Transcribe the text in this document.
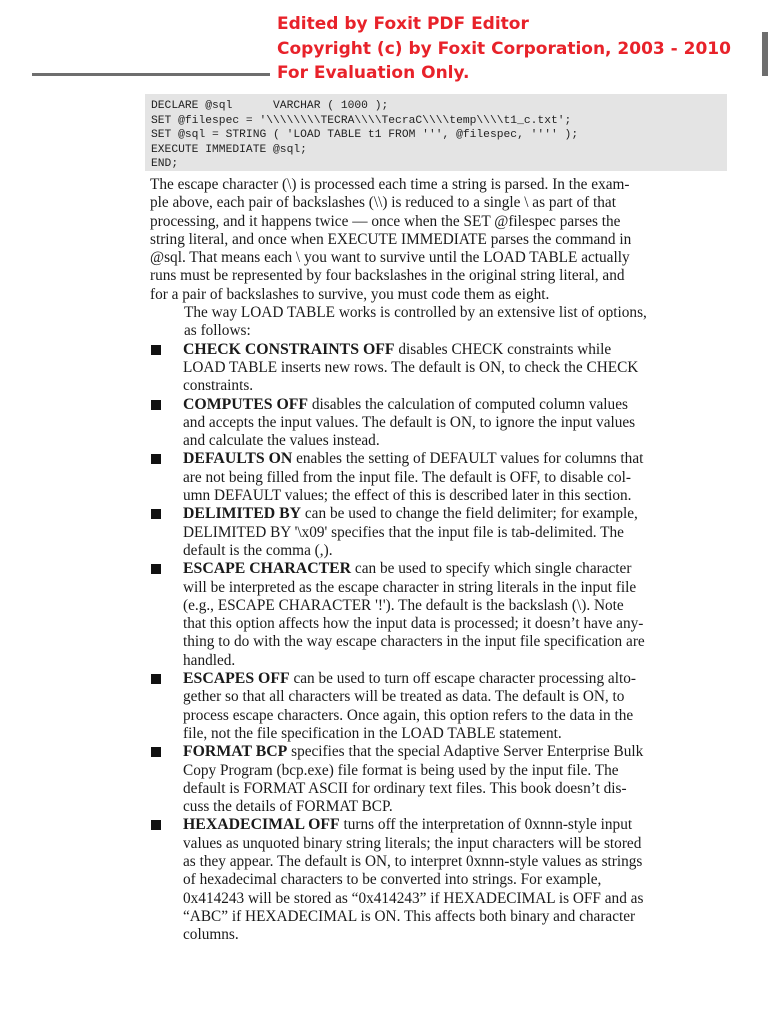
Edited by Foxit PDF Editor
Copyright (c) by Foxit Corporation, 2003 - 2010
For Evaluation Only.
DECLARE @sql      VARCHAR ( 1000 );
SET @filespec = '\\\\\\\\TECRA\\\\TecraC\\\\temp\\\\t1_c.txt';
SET @sql = STRING ( 'LOAD TABLE t1 FROM ''', @filespec, '''' );
EXECUTE IMMEDIATE @sql;
END;

The escape character (\) is processed each time a string is parsed. In the exam-
ple above, each pair of backslashes (\\) is reduced to a single \ as part of that
processing, and it happens twice — once when the SET @filespec parses the
string literal, and once when EXECUTE IMMEDIATE parses the command in
@sql. That means each \ you want to survive until the LOAD TABLE actually
runs must be represented by four backslashes in the original string literal, and
for a pair of backslashes to survive, you must code them as eight.

The way LOAD TABLE works is controlled by an extensive list of options,
as follows:

CHECK CONSTRAINTS OFF disables CHECK constraints while
LOAD TABLE inserts new rows. The default is ON, to check the CHECK
constraints.
COMPUTES OFF disables the calculation of computed column values
and accepts the input values. The default is ON, to ignore the input values
and calculate the values instead.
DEFAULTS ON enables the setting of DEFAULT values for columns that
are not being filled from the input file. The default is OFF, to disable col-
umn DEFAULT values; the effect of this is described later in this section.
DELIMITED BY can be used to change the field delimiter; for example,
DELIMITED BY '\x09' specifies that the input file is tab-delimited. The
default is the comma (,).
ESCAPE CHARACTER can be used to specify which single character
will be interpreted as the escape character in string literals in the input file
(e.g., ESCAPE CHARACTER '!'). The default is the backslash (\). Note
that this option affects how the input data is processed; it doesn’t have any-
thing to do with the way escape characters in the input file specification are
handled.
ESCAPES OFF can be used to turn off escape character processing alto-
gether so that all characters will be treated as data. The default is ON, to
process escape characters. Once again, this option refers to the data in the
file, not the file specification in the LOAD TABLE statement.
FORMAT BCP specifies that the special Adaptive Server Enterprise Bulk
Copy Program (bcp.exe) file format is being used by the input file. The
default is FORMAT ASCII for ordinary text files. This book doesn’t dis-
cuss the details of FORMAT BCP.
HEXADECIMAL OFF turns off the interpretation of 0xnnn-style input
values as unquoted binary string literals; the input characters will be stored
as they appear. The default is ON, to interpret 0xnnn-style values as strings
of hexadecimal characters to be converted into strings. For example,
0x414243 will be stored as “0x414243” if HEXADECIMAL is OFF and as
“ABC” if HEXADECIMAL is ON. This affects both binary and character
columns.
